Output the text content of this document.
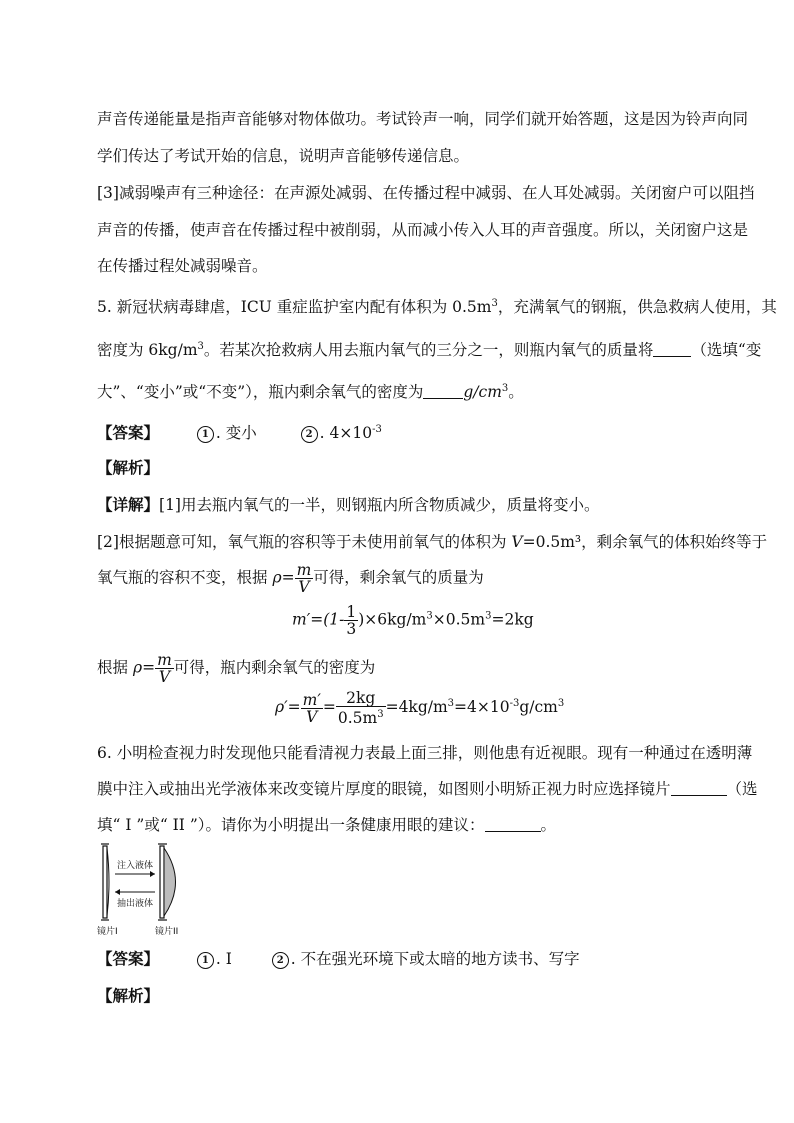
声音传递能量是指声音能够对物体做功。考试铃声一响，同学们就开始答题，这是因为铃声向同
学们传达了考试开始的信息，说明声音能够传递信息。
[3]减弱噪声有三种途径：在声源处减弱、在传播过程中减弱、在人耳处减弱。关闭窗户可以阻挡
声音的传播，使声音在传播过程中被削弱，从而减小传入人耳的声音强度。所以，关闭窗户这是
在传播过程处减弱噪音。
5. 新冠状病毒肆虐，ICU 重症监护室内配有体积为 $0.5m^3$，充满氧气的钢瓶，供急救病人使用，其
密度为 $6kg/m^3$。若某次抢救病人用去瓶内氧气的三分之一，则瓶内氧气的质量将 （选填“变
大”、“变小”或“不变”），瓶内剩余氧气的密度为	$g/cm^3$。
【答案】	1 . 变小	2 . $4\times 10^{-3}$
【解析】
【详解】[1]用去瓶内氧气的一半，则钢瓶内所含物质减少，质量将变小。
[2]根据题意可知，氧气瓶的容积等于未使用前氧气的体积为 V=0.5m³，剩余氧气的体积始终等于
氧气瓶的容积不变，根据 $\rho= \frac{m}{V}$ 可得，剩余氧气的质量为
$m'=(1- \frac{1}{3} )\times 6kg/m^3\times 0.5m^3=2kg$
根据 $\rho= \frac{m}{V}$ 可得，瓶内剩余氧气的密度为
$\rho'= \frac{m'}{V} = \frac{2kg}{0.5m^3} =4kg/m^3=4\times 10^{-3}g/cm^3$
6. 小明检查视力时发现他只能看清视力表最上面三排，则他患有近视眼。现有一种通过在透明薄
膜中注入或抽出光学液体来改变镜片厚度的眼镜，如图则小明矫正视力时应选择镜片	（选
填“ I ”或“ II ”）。请你为小明提出一条健康用眼的建议：	。
注入液体
抽出液体
镜片I	镜片II
【答案】	1 . I	2 . 不在强光环境下或太暗的地方读书、写字
【解析】
